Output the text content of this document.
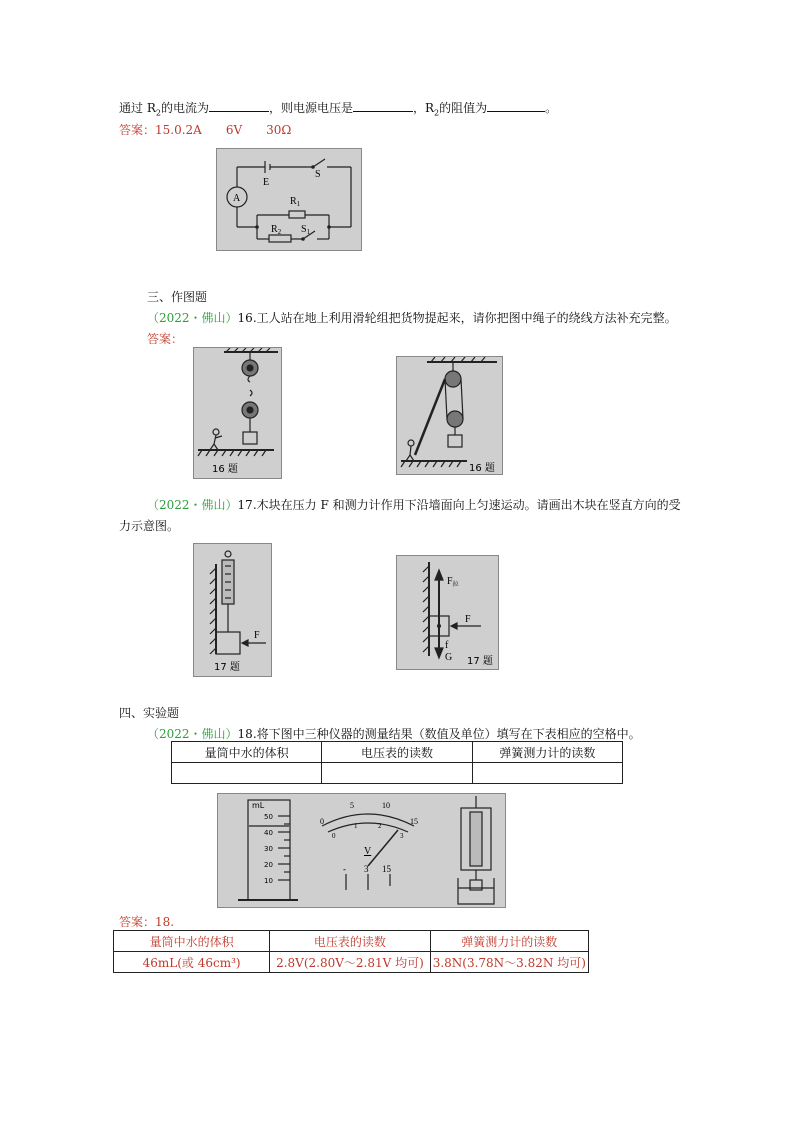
通过 $R_2$的电流为	，则电源电压是	，$R_2$的阻值为	。
答案：15.0.2A　　6V　　30Ω
A
E
S
$R_1$
$R_2$ $S_1$
三、作图题
（2022・佛山）16.工人站在地上利用滑轮组把货物提起来，请你把图中绳子的绕线方法补充完整。
答案：
16 题	16 题
（2022・佛山）17.木块在压力 F 和测力计作用下沿墙面向上匀速运动。请画出木块在竖直方向的受
力示意图。
F
17 题
$F_拉$
F
f
G 17 题
四、实验题
（2022・佛山）18.将下图中三种仪器的测量结果（数值及单位）填写在下表相应的空格中。
量筒中水的体积	电压表的读数	弹簧测力计的读数

mL
50
40
30
20
10
0
5	10
15
0
1	2
3
V
- 3 15
答案：18.
量筒中水的体积	电压表的读数	弹簧测力计的读数
46mL(或 46cm³)	2.8V(2.80V～2.81V 均可)	3.8N(3.78N～3.82N 均可)
